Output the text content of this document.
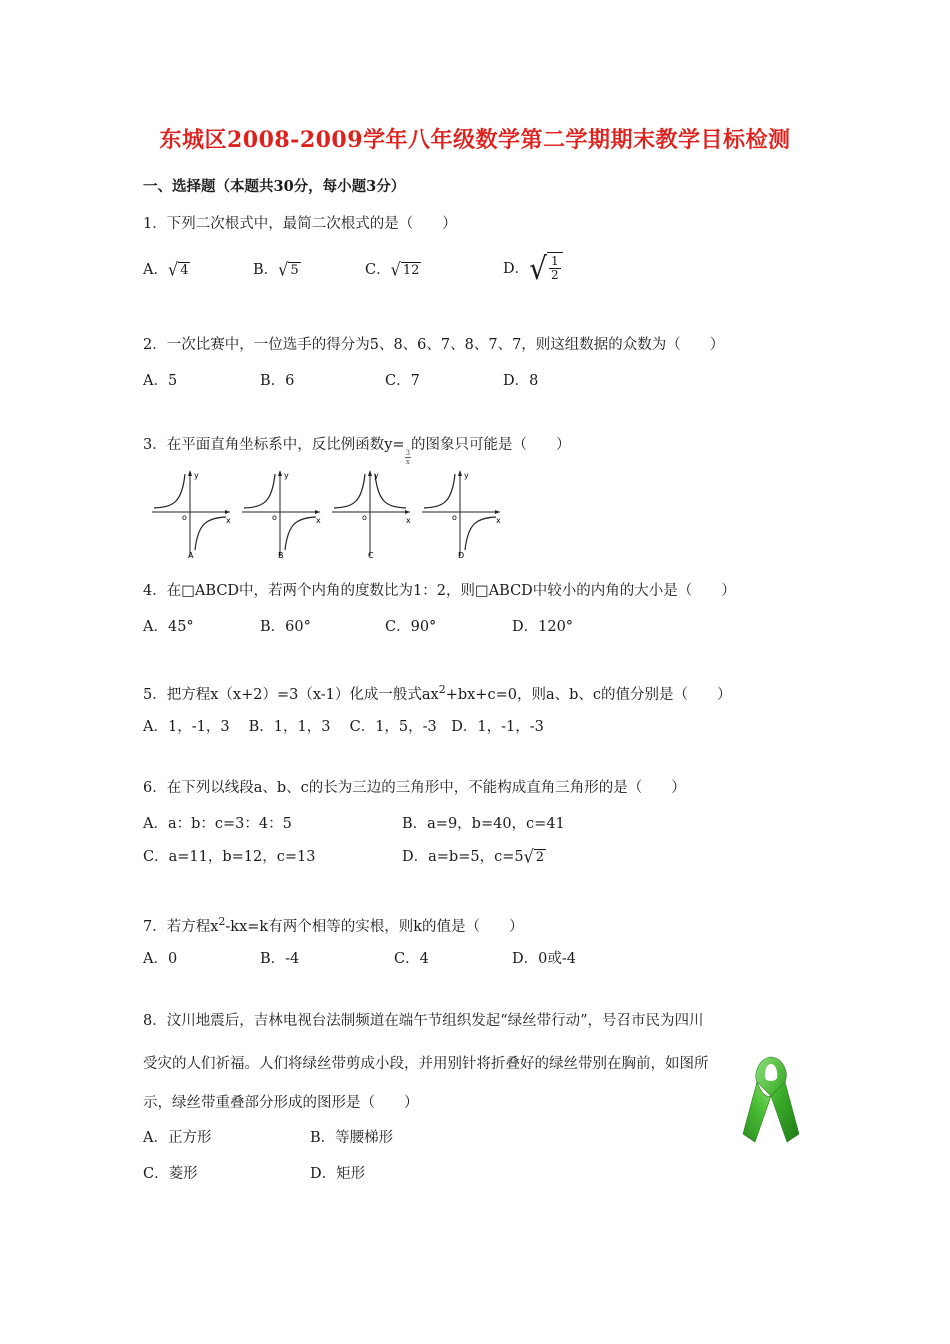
东城区2008-2009学年八年级数学第二学期期末教学目标检测
一、选择题（本题共30分，每小题3分）
1．下列二次根式中，最简二次根式的是（　　）
A． √ 4	B． √ 5	C． √ 12	D． √ $\frac{1}{2}$
2．一次比赛中，一位选手的得分为5、8、6、7、8、7、7，则这组数据的众数为（　　）
A．5	B．6	C．7	D．8
3．在平面直角坐标系中，反比例函数y=
$\frac{3}{x}$
的图象只可能是（　　）
y
x
o
A
y
x
o
B
y
x
o
C
y
x
o
D
4．在□ABCD中，若两个内角的度数比为1：2，则□ABCD中较小的内角的大小是（　　）
A．45°	B．60°	C．90°	D．120°
5．把方程x（x+2）=3（x-1）化成一般式$ax^2+bx+c=0$，则a、b、c的值分别是（　　）
A．1，-1，3　 B．1，1，3　 C．1，5，-3　D．1，-1，-3
6．在下列以线段a、b、c的长为三边的三角形中，不能构成直角三角形的是（　　）
A．a：b：c=3：4：5	B．a=9，b=40，c=41
C．a=11，b=12，c=13	D．a=b=5，c=5 √ 2
7．若方程$x^2-kx=k$有两个相等的实根，则k的值是（　　）
A．0	B．-4	C．4	D．0或-4
8．汶川地震后，吉林电视台法制频道在端午节组织发起“绿丝带行动”，号召市民为四川
受灾的人们祈福。人们将绿丝带剪成小段，并用别针将折叠好的绿丝带别在胸前，如图所
示，绿丝带重叠部分形成的图形是（　　）
A．正方形	B．等腰梯形
C．菱形	D．矩形
